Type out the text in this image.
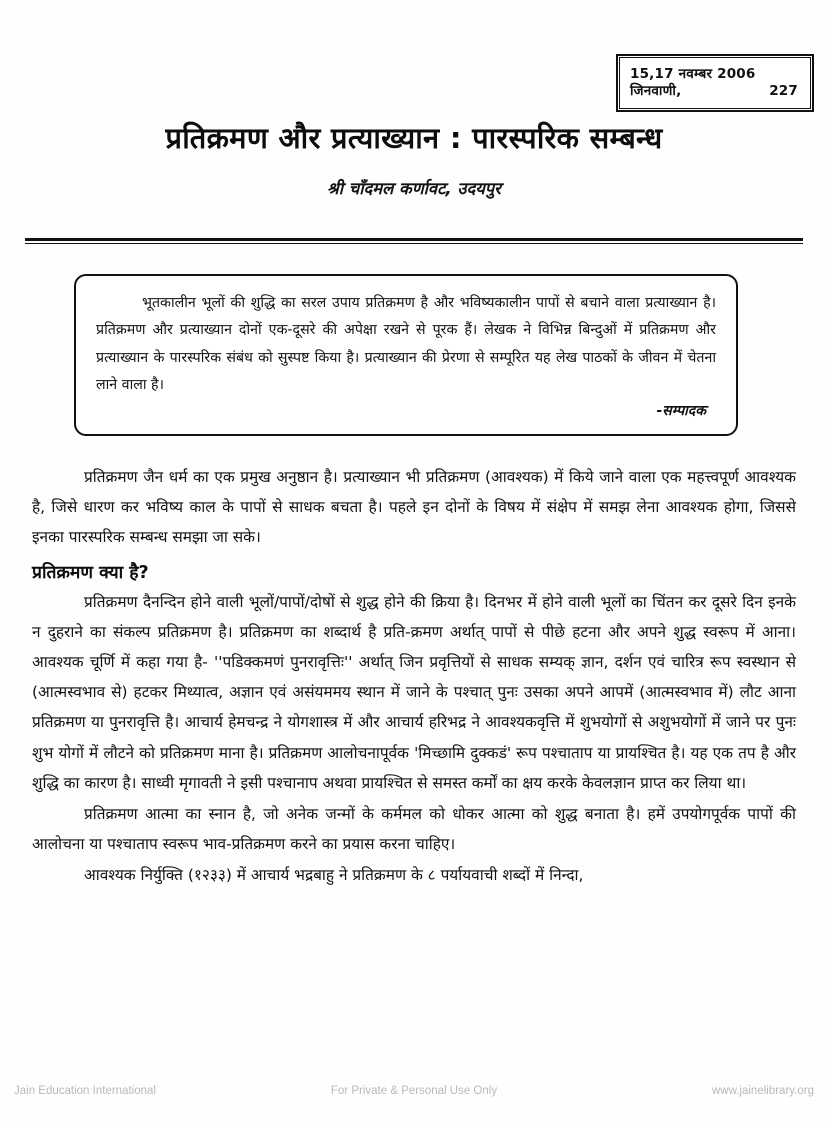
15,17 नवम्बर 2006
जिनवाणी,	227
प्रतिक्रमण और प्रत्याख्यान : पारस्परिक सम्बन्ध
श्री चाँदमल कर्णावट, उदयपुर
भूतकालीन भूलों की शुद्धि का सरल उपाय प्रतिक्रमण है और भविष्यकालीन पापों से बचाने वाला प्रत्याख्यान है। प्रतिक्रमण और प्रत्याख्यान दोनों एक-दूसरे की अपेक्षा रखने से पूरक हैं। लेखक ने विभिन्न बिन्दुओं में प्रतिक्रमण और प्रत्याख्यान के पारस्परिक संबंध को सुस्पष्ट किया है। प्रत्याख्यान की प्रेरणा से सम्पूरित यह लेख पाठकों के जीवन में चेतना लाने वाला है।
-सम्पादक

प्रतिक्रमण जैन धर्म का एक प्रमुख अनुष्ठान है। प्रत्याख्यान भी प्रतिक्रमण (आवश्यक) में किये जाने वाला एक महत्त्वपूर्ण आवश्यक है, जिसे धारण कर भविष्य काल के पापों से साधक बचता है। पहले इन दोनों के विषय में संक्षेप में समझ लेना आवश्यक होगा, जिससे इनका पारस्परिक सम्बन्ध समझा जा सके।

प्रतिक्रमण क्या है?

प्रतिक्रमण दैनन्दिन होने वाली भूलों/पापों/दोषों से शुद्ध होने की क्रिया है। दिनभर में होने वाली भूलों का चिंतन कर दूसरे दिन इनके न दुहराने का संकल्प प्रतिक्रमण है। प्रतिक्रमण का शब्दार्थ है प्रति-क्रमण अर्थात् पापों से पीछे हटना और अपने शुद्ध स्वरूप में आना। आवश्यक चूर्णि में कहा गया है- ''पडिक्कमणं पुनरावृत्तिः'' अर्थात् जिन प्रवृत्तियों से साधक सम्यक् ज्ञान, दर्शन एवं चारित्र रूप स्वस्थान से (आत्मस्वभाव से) हटकर मिथ्यात्व, अज्ञान एवं असंयममय स्थान में जाने के पश्चात् पुनः उसका अपने आपमें (आत्मस्वभाव में) लौट आना प्रतिक्रमण या पुनरावृत्ति है। आचार्य हेमचन्द्र ने योगशास्त्र में और आचार्य हरिभद्र ने आवश्यकवृत्ति में शुभयोगों से अशुभयोगों में जाने पर पुनः शुभ योगों में लौटने को प्रतिक्रमण माना है। प्रतिक्रमण आलोचनापूर्वक 'मिच्छामि दुक्कडं' रूप पश्चाताप या प्रायश्चित है। यह एक तप है और शुद्धि का कारण है। साध्वी मृगावती ने इसी पश्चानाप अथवा प्रायश्चित से समस्त कर्मों का क्षय करके केवलज्ञान प्राप्त कर लिया था।

प्रतिक्रमण आत्मा का स्नान है, जो अनेक जन्मों के कर्ममल को धोकर आत्मा को शुद्ध बनाता है। हमें उपयोगपूर्वक पापों की आलोचना या पश्चाताप स्वरूप भाव-प्रतिक्रमण करने का प्रयास करना चाहिए।

आवश्यक निर्युक्ति (१२३३) में आचार्य भद्रबाहु ने प्रतिक्रमण के ८ पर्यायवाची शब्दों में निन्दा,

Jain Education International	For Private & Personal Use Only	www.jainelibrary.org
